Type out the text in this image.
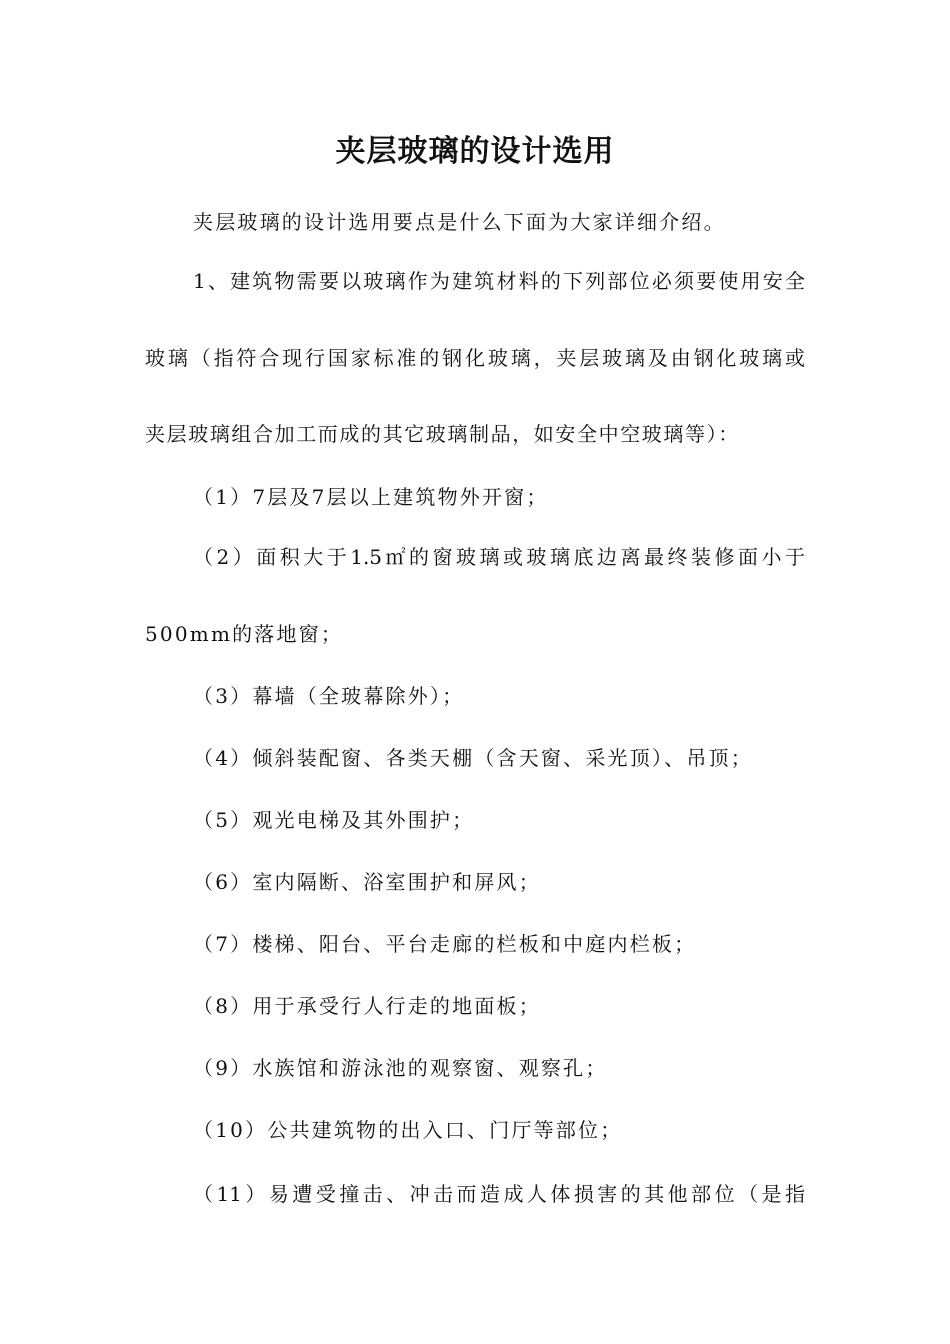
夹层玻璃的设计选用
夹层玻璃的设计选用要点是什么下面为大家详细介绍。
1、建筑物需要以玻璃作为建筑材料的下列部位必须要使用安全
玻璃（指符合现行国家标准的钢化玻璃，夹层玻璃及由钢化玻璃或
夹层玻璃组合加工而成的其它玻璃制品，如安全中空玻璃等）：
（1）7层及7层以上建筑物外开窗；
（2）面积大于1.5㎡的窗玻璃或玻璃底边离最终装修面小于
500mm的落地窗；
（3）幕墙（全玻幕除外）；
（4）倾斜装配窗、各类天棚（含天窗、采光顶）、吊顶；
（5）观光电梯及其外围护；
（6）室内隔断、浴室围护和屏风；
（7）楼梯、阳台、平台走廊的栏板和中庭内栏板；
（8）用于承受行人行走的地面板；
（9）水族馆和游泳池的观察窗、观察孔；
（10）公共建筑物的出入口、门厅等部位；
（11）易遭受撞击、冲击而造成人体损害的其他部位（是指
